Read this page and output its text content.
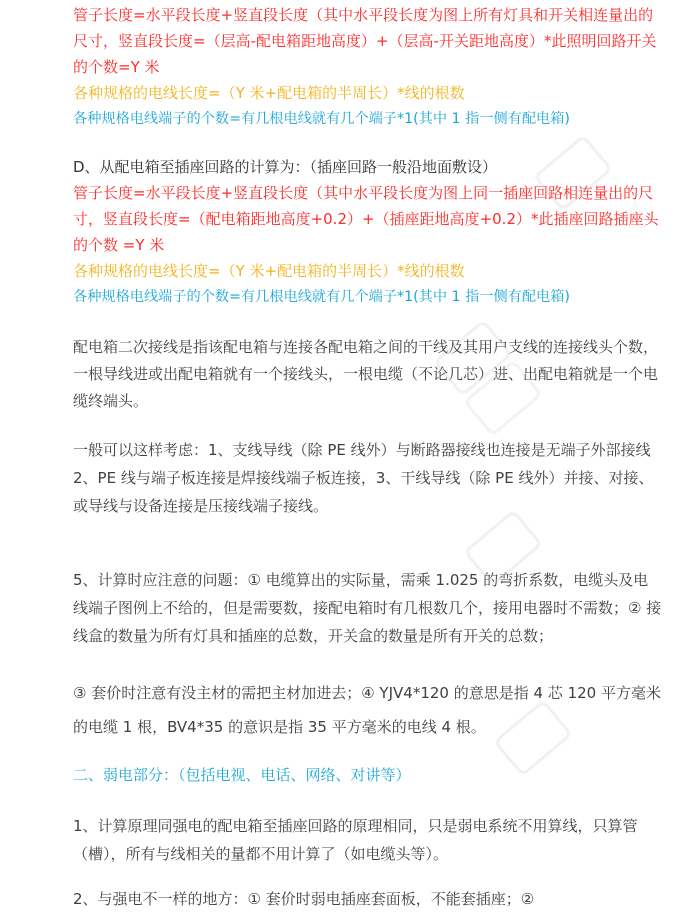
管子长度=水平段长度+竖直段长度（其中水平段长度为图上所有灯具和开关相连量出的尺寸，竖直段长度=（层高-配电箱距地高度）+（层高-开关距地高度）*此照明回路开关的个数=Y 米

各种规格的电线长度=（Y 米+配电箱的半周长）*线的根数

各种规格电线端子的个数=有几根电线就有几个端子*1(其中 1 指一侧有配电箱)

D、从配电箱至插座回路的计算为：（插座回路一般沿地面敷设）

管子长度=水平段长度+竖直段长度（其中水平段长度为图上同一插座回路相连量出的尺寸，竖直段长度=（配电箱距地高度+0.2）+（插座距地高度+0.2）*此插座回路插座头的个数 =Y 米

各种规格的电线长度=（Y 米+配电箱的半周长）*线的根数

各种规格电线端子的个数=有几根电线就有几个端子*1(其中 1 指一侧有配电箱)

配电箱二次接线是指该配电箱与连接各配电箱之间的干线及其用户支线的连接线头个数，一根导线进或出配电箱就有一个接线头，一根电缆（不论几芯）进、出配电箱就是一个电缆终端头。

一般可以这样考虑：1、支线导线（除 PE 线外）与断路器接线也连接是无端子外部接线 2、PE 线与端子板连接是焊接线端子板连接，3、干线导线（除 PE 线外）并接、对接、或导线与设备连接是压接线端子接线。

5、计算时应注意的问题：① 电缆算出的实际量，需乘 1.025 的弯折系数，电缆头及电线端子图例上不给的，但是需要数，接配电箱时有几根数几个，接用电器时不需数；② 接线盒的数量为所有灯具和插座的总数，开关盒的数量是所有开关的总数；

③ 套价时注意有没主材的需把主材加进去；④ YJV4*120 的意思是指 4 芯 120 平方毫米的电缆 1 根，BV4*35 的意识是指 35 平方毫米的电线 4 根。

二、弱电部分：（包括电视、电话、网络、对讲等）

1、计算原理同强电的配电箱至插座回路的原理相同，只是弱电系统不用算线，只算管（槽），所有与线相关的量都不用计算了（如电缆头等）。

2、与强电不一样的地方：① 套价时弱电插座套面板，不能套插座；②
